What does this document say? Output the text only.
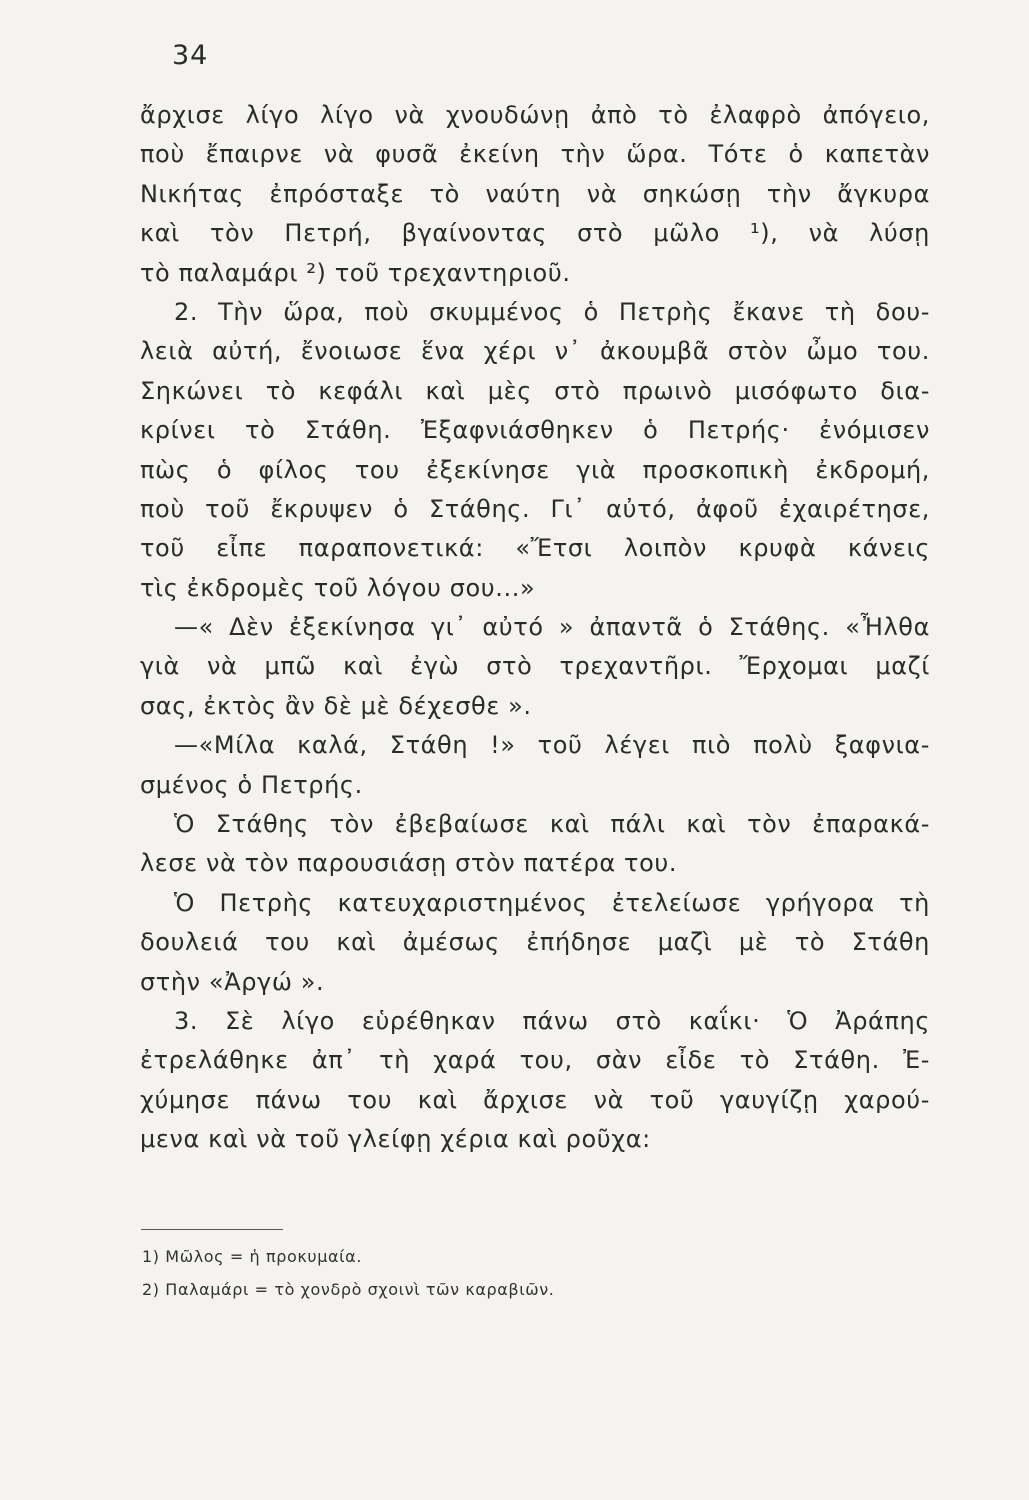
34
ἄρχισε λίγο λίγο νὰ χνουδώνῃ ἀπὸ τὸ ἐλαφρὸ ἀπόγειο,
ποὺ ἔπαιρνε νὰ φυσᾶ ἐκείνη τὴν ὥρα. Τότε ὁ καπετὰν
Νικήτας ἐπρόσταξε τὸ ναύτη νὰ σηκώσῃ τὴν ἄγκυρα
καὶ τὸν Πετρή, βγαίνοντας στὸ μῶλο ¹), νὰ λύσῃ
τὸ παλαμάρι ²) τοῦ τρεχαντηριοῦ.
2. Τὴν ὥρα, ποὺ σκυμμένος ὁ Πετρὴς ἔκανε τὴ δου-
λειὰ αὐτή, ἔνοιωσε ἕνα χέρι ν᾿ ἀκουμβᾶ στὸν ὦμο του.
Σηκώνει τὸ κεφάλι καὶ μὲς στὸ πρωινὸ μισόφωτο δια-
κρίνει τὸ Στάθη. Ἐξαφνιάσθηκεν ὁ Πετρής· ἐνόμισεν
πὼς ὁ φίλος του ἐξεκίνησε γιὰ προσκοπικὴ ἐκδρομή,
ποὺ τοῦ ἔκρυψεν ὁ Στάθης. Γι᾿ αὐτό, ἀφοῦ ἐχαιρέτησε,
τοῦ εἶπε παραπονετικά: «Ἔτσι λοιπὸν κρυφὰ κάνεις
τὶς ἐκδρομὲς τοῦ λόγου σου...»
—« Δὲν ἐξεκίνησα γι᾿ αὐτό » ἀπαντᾶ ὁ Στάθης. «Ἦλθα
γιὰ νὰ μπῶ καὶ ἐγὼ στὸ τρεχαντῆρι. Ἔρχομαι μαζί
σας, ἐκτὸς ἂν δὲ μὲ δέχεσθε ».
—«Μίλα καλά, Στάθη !» τοῦ λέγει πιὸ πολὺ ξαφνια-
σμένος ὁ Πετρής.
Ὁ Στάθης τὸν ἐβεβαίωσε καὶ πάλι καὶ τὸν ἐπαρακά-
λεσε νὰ τὸν παρουσιάσῃ στὸν πατέρα του.
Ὁ Πετρὴς κατευχαριστημένος ἐτελείωσε γρήγορα τὴ
δουλειά του καὶ ἀμέσως ἐπήδησε μαζὶ μὲ τὸ Στάθη
στὴν «Ἀργώ ».
3. Σὲ λίγο εὑρέθηκαν πάνω στὸ καΐκι· Ὁ Ἀράπης
ἐτρελάθηκε ἀπ᾿ τὴ χαρά του, σὰν εἶδε τὸ Στάθη. Ἐ-
χύμησε πάνω του καὶ ἄρχισε νὰ τοῦ γαυγίζῃ χαρού-
μενα καὶ νὰ τοῦ γλείφῃ χέρια καὶ ροῦχα:
1) Μῶλος = ἡ προκυμαία.
2) Παλαμάρι = τὸ χονδρὸ σχοινὶ τῶν καραβιῶν.
